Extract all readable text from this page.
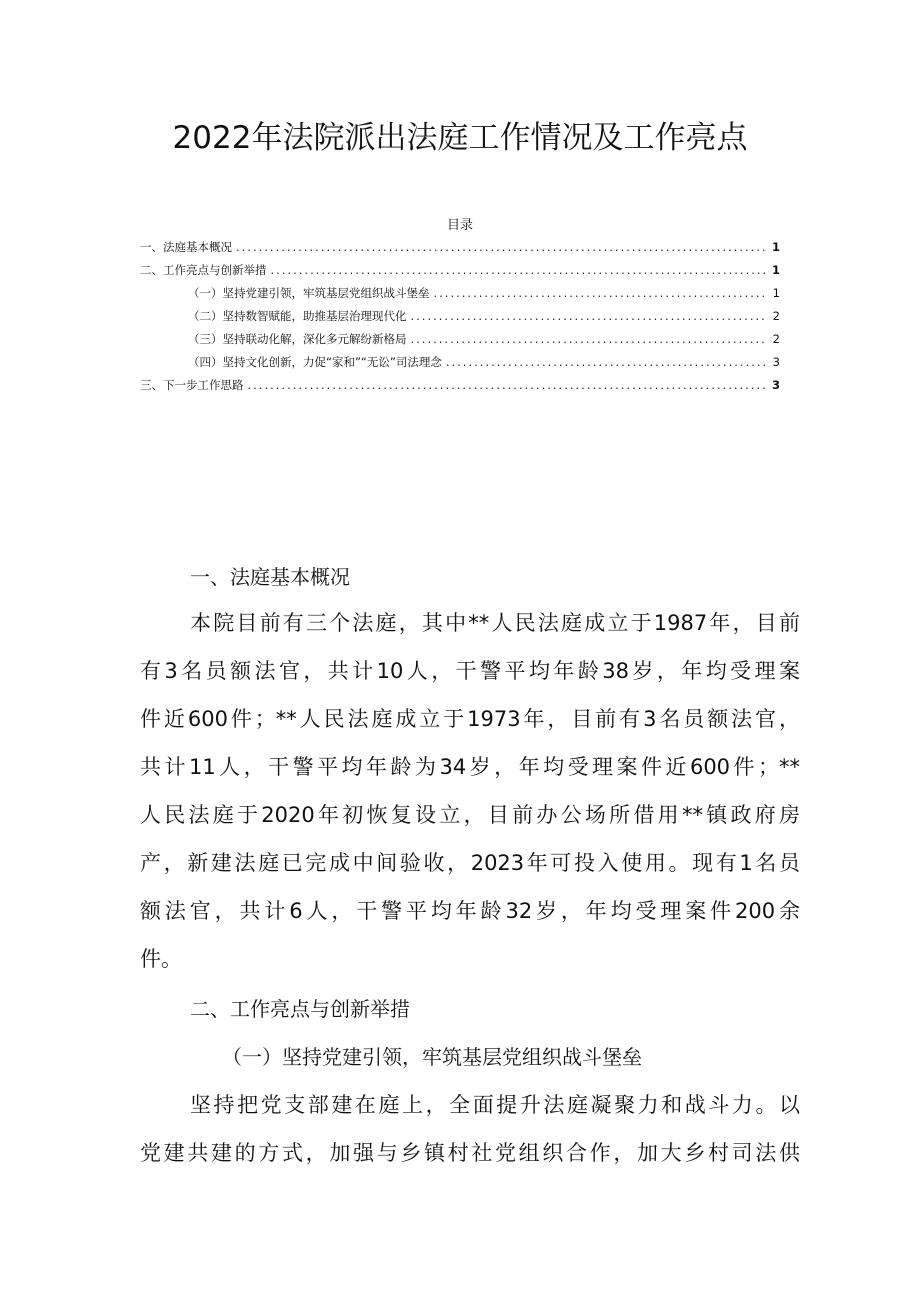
2022年法院派出法庭工作情况及工作亮点
目录
一、法庭基本概况 .....	1
二、工作亮点与创新举措 .....	1
（一）坚持党建引领，牢筑基层党组织战斗堡垒 .....	1
（二）坚持数智赋能，助推基层治理现代化 .....	2
（三）坚持联动化解，深化多元解纷新格局 .....	2
（四）坚持文化创新，力促“家和”“无讼”司法理念 .....	3
三、下一步工作思路 .....	3
一、法庭基本概况
本院目前有三个法庭，其中**人民法庭成立于1987年，目前
有3名员额法官，共计10人，干警平均年龄38岁，年均受理案
件近600件；**人民法庭成立于1973年，目前有3名员额法官，
共计11人，干警平均年龄为34岁，年均受理案件近600件；**
人民法庭于2020年初恢复设立，目前办公场所借用**镇政府房
产，新建法庭已完成中间验收，2023年可投入使用。现有1名员
额法官，共计6人，干警平均年龄32岁，年均受理案件200余
件。
二、工作亮点与创新举措
（一）坚持党建引领，牢筑基层党组织战斗堡垒
坚持把党支部建在庭上，全面提升法庭凝聚力和战斗力。以
党建共建的方式，加强与乡镇村社党组织合作，加大乡村司法供
